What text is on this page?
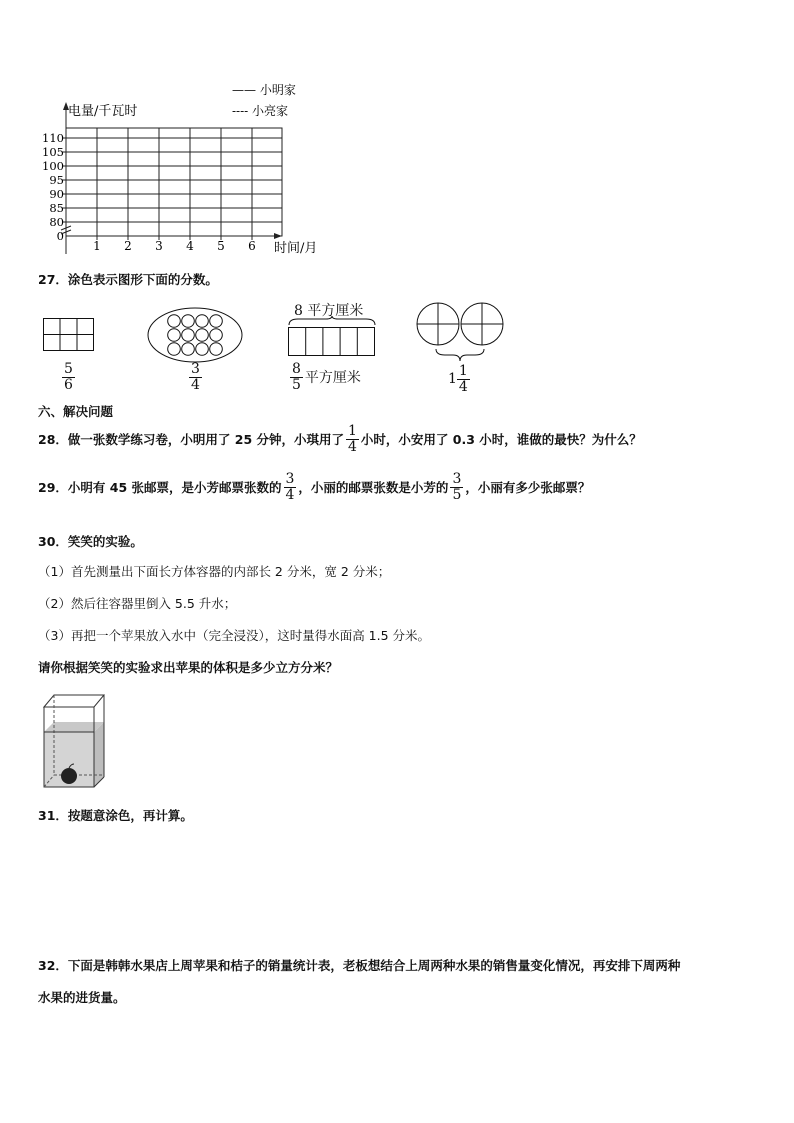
电量/千瓦时
时间/月
—— 小明家
---- 小亮家
110
105
100
95
90
85
80
0
1 2 3 4 5 6
27．涂色表示图形下面的分数。
$\frac{5}{6}$	$\frac{3}{4}$
8 平方厘米
$\frac{8}{5}$ 平方厘米	$1 \frac{1}{4}$
六、解决问题
28．做一张数学练习卷，小明用了 25 分钟，小琪用了 $\frac{1}{4}$ 小时，小安用了 0.3 小时，谁做的最快？为什么？
29．小明有 45 张邮票，是小芳邮票张数的 $\frac{3}{4}$ ，小丽的邮票张数是小芳的 $\frac{3}{5}$ ，小丽有多少张邮票？
30．笑笑的实验。
（1）首先测量出下面长方体容器的内部长 2 分米，宽 2 分米；
（2）然后往容器里倒入 5.5 升水；
（3）再把一个苹果放入水中（完全浸没），这时量得水面高 1.5 分米。
请你根据笑笑的实验求出苹果的体积是多少立方分米？
31．按题意涂色，再计算。
32．下面是韩韩水果店上周苹果和桔子的销量统计表，老板想结合上周两种水果的销售量变化情况，再安排下周两种
水果的进货量。
